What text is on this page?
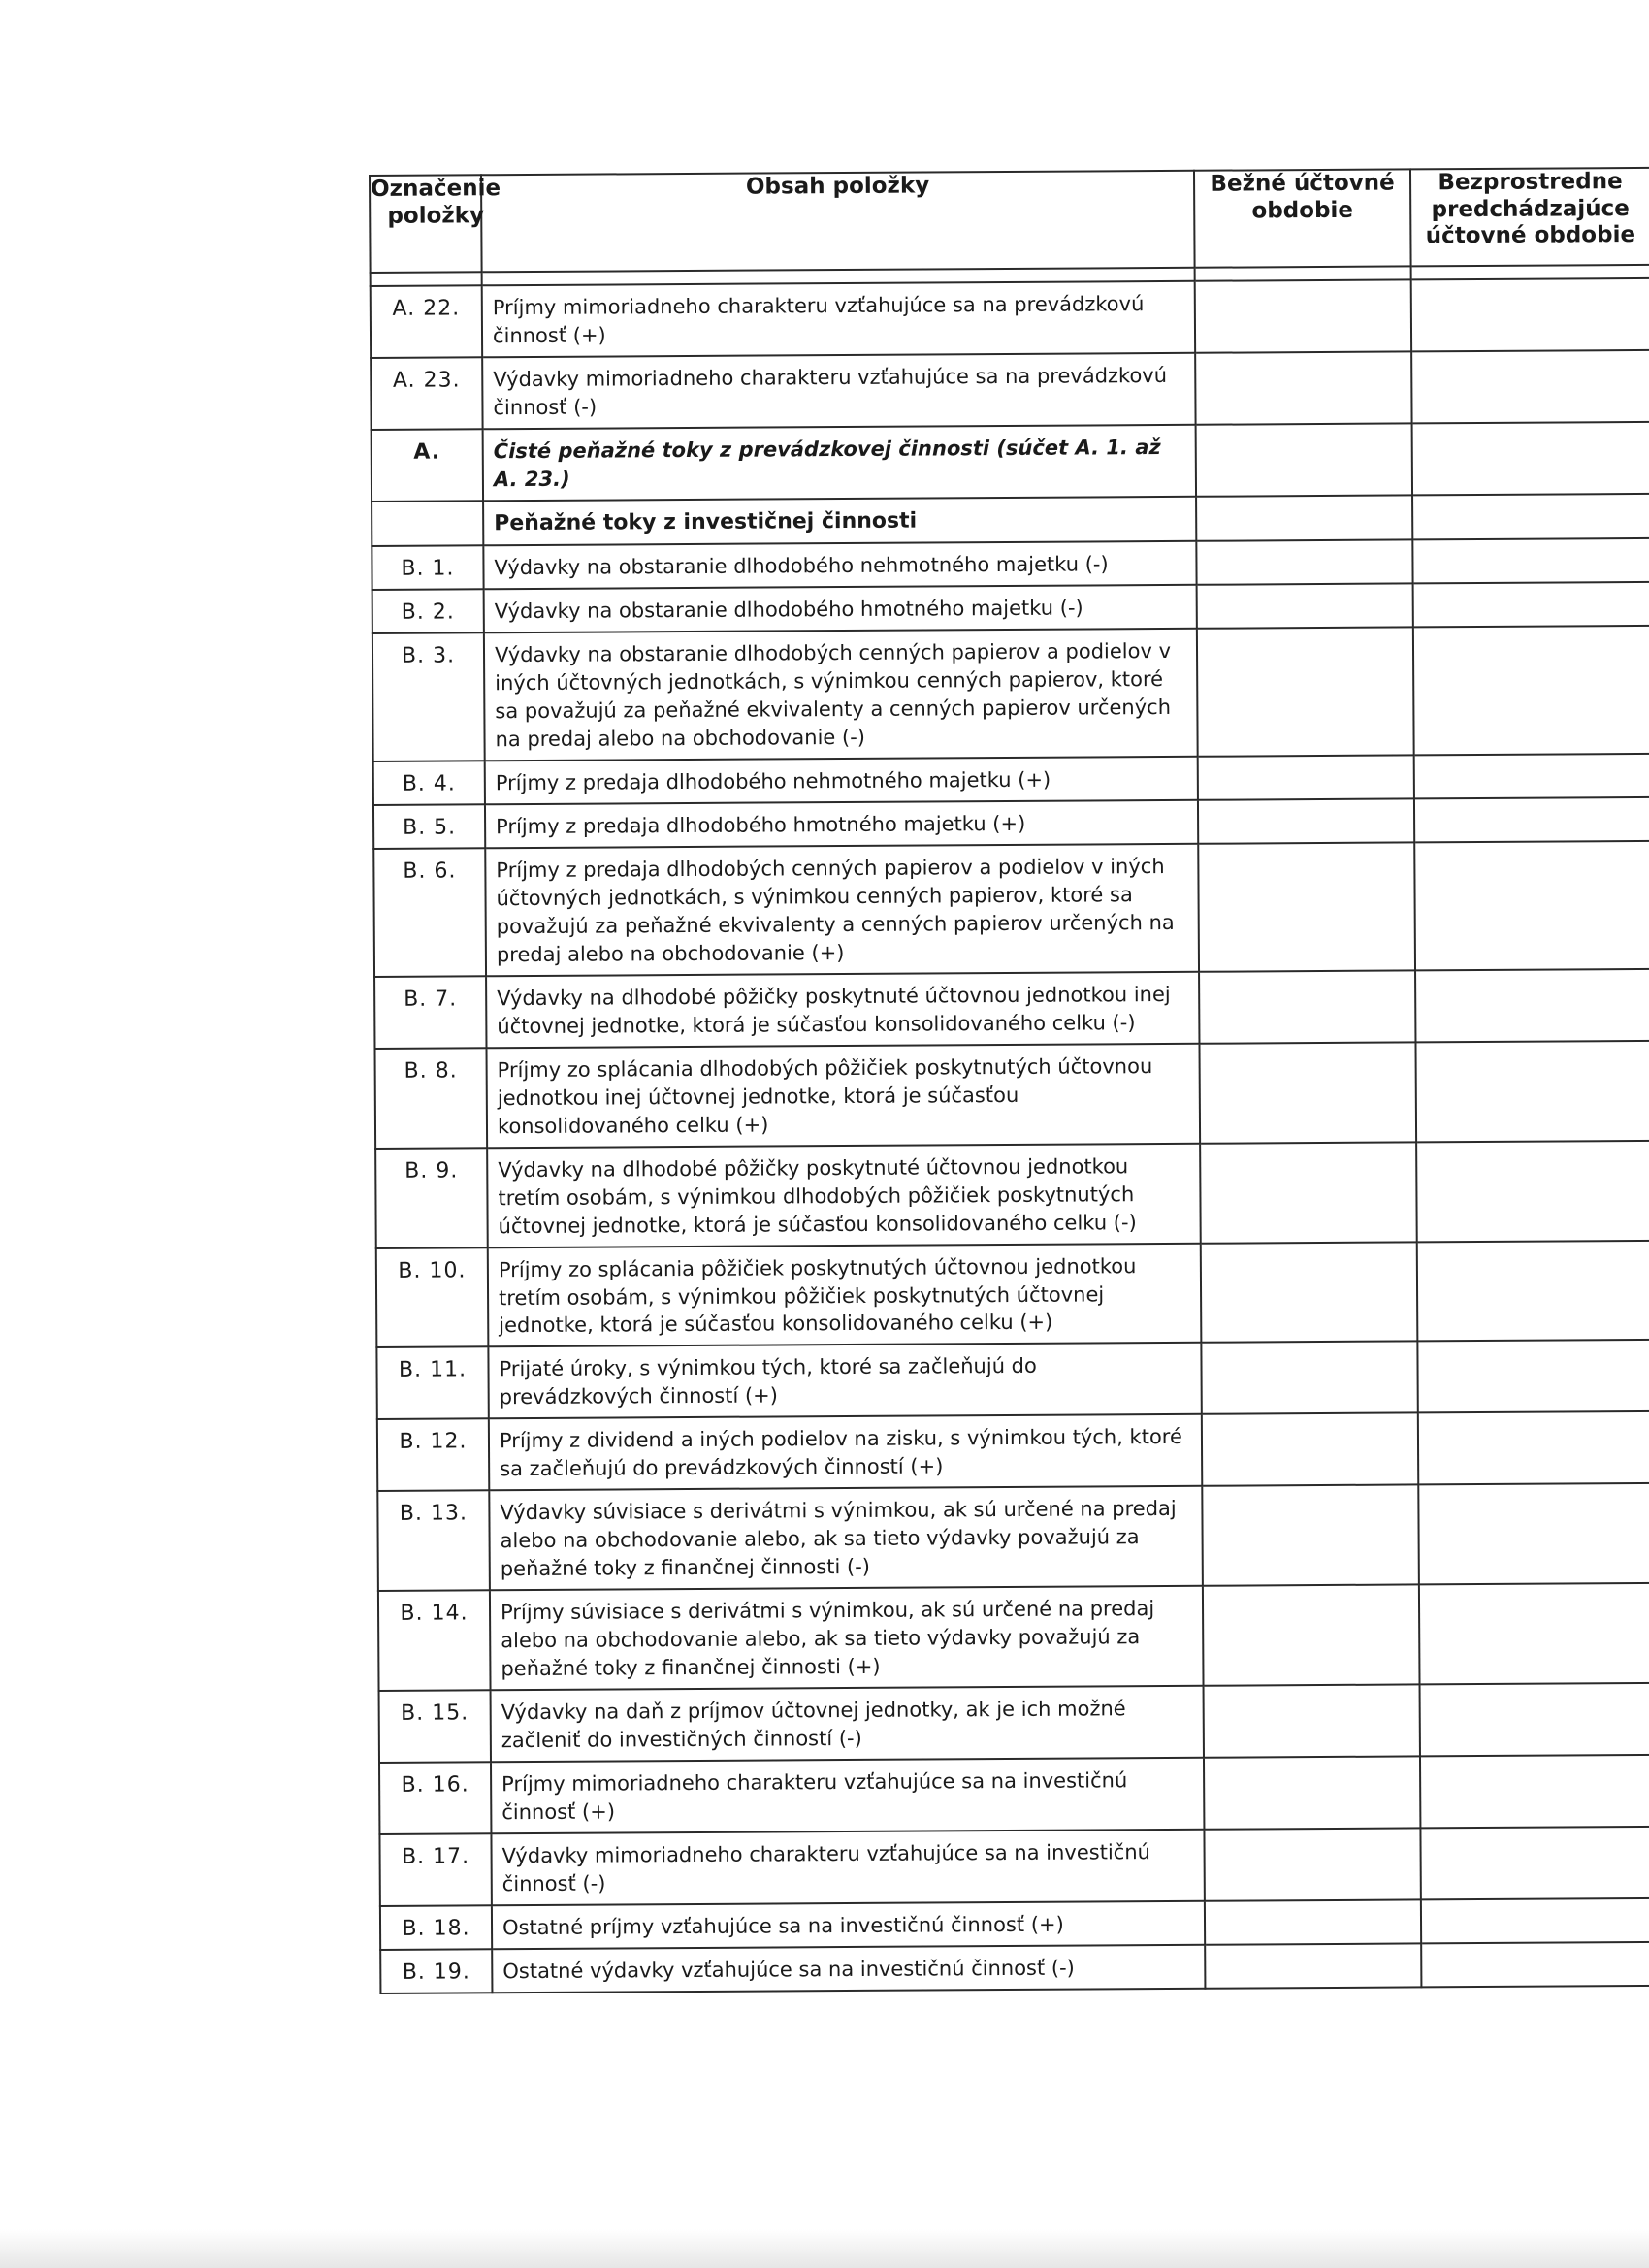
Označenie položky	Obsah položky	Bežné účtovné obdobie	Bezprostredne predchádzajúce účtovné obdobie

A. 22.	Príjmy mimoriadneho charakteru vzťahujúce sa na prevádzkovú činnosť (+)		
A. 23.	Výdavky mimoriadneho charakteru vzťahujúce sa na prevádzkovú činnosť (-)		
A.	Čisté peňažné toky z prevádzkovej činnosti (súčet A. 1. až A. 23.)		
	Peňažné toky z investičnej činnosti		
B. 1.	Výdavky na obstaranie dlhodobého nehmotného majetku (-)		
B. 2.	Výdavky na obstaranie dlhodobého hmotného majetku (-)		
B. 3.	Výdavky na obstaranie dlhodobých cenných papierov a podielov v iných účtovných jednotkách, s výnimkou cenných papierov, ktoré sa považujú za peňažné ekvivalenty a cenných papierov určených na predaj alebo na obchodovanie (-)		
B. 4.	Príjmy z predaja dlhodobého nehmotného majetku (+)		
B. 5.	Príjmy z predaja dlhodobého hmotného majetku (+)		
B. 6.	Príjmy z predaja dlhodobých cenných papierov a podielov v iných účtovných jednotkách, s výnimkou cenných papierov, ktoré sa považujú za peňažné ekvivalenty a cenných papierov určených na predaj alebo na obchodovanie (+)		
B. 7.	Výdavky na dlhodobé pôžičky poskytnuté účtovnou jednotkou inej účtovnej jednotke, ktorá je súčasťou konsolidovaného celku (-)		
B. 8.	Príjmy zo splácania dlhodobých pôžičiek poskytnutých účtovnou jednotkou inej účtovnej jednotke, ktorá je súčasťou konsolidovaného celku (+)		
B. 9.	Výdavky na dlhodobé pôžičky poskytnuté účtovnou jednotkou tretím osobám, s výnimkou dlhodobých pôžičiek poskytnutých účtovnej jednotke, ktorá je súčasťou konsolidovaného celku (-)		
B. 10.	Príjmy zo splácania pôžičiek poskytnutých účtovnou jednotkou tretím osobám, s výnimkou pôžičiek poskytnutých účtovnej jednotke, ktorá je súčasťou konsolidovaného celku (+)		
B. 11.	Prijaté úroky, s výnimkou tých, ktoré sa začleňujú do prevádzkových činností (+)		
B. 12.	Príjmy z dividend a iných podielov na zisku, s výnimkou tých, ktoré sa začleňujú do prevádzkových činností (+)		
B. 13.	Výdavky súvisiace s derivátmi s výnimkou, ak sú určené na predaj alebo na obchodovanie alebo, ak sa tieto výdavky považujú za peňažné toky z finančnej činnosti (-)		
B. 14.	Príjmy súvisiace s derivátmi s výnimkou, ak sú určené na predaj alebo na obchodovanie alebo, ak sa tieto výdavky považujú za peňažné toky z finančnej činnosti (+)		
B. 15.	Výdavky na daň z príjmov účtovnej jednotky, ak je ich možné začleniť do investičných činností (-)		
B. 16.	Príjmy mimoriadneho charakteru vzťahujúce sa na investičnú činnosť (+)		
B. 17.	Výdavky mimoriadneho charakteru vzťahujúce sa na investičnú činnosť (-)		
B. 18.	Ostatné príjmy vzťahujúce sa na investičnú činnosť (+)		
B. 19.	Ostatné výdavky vzťahujúce sa na investičnú činnosť (-)		
